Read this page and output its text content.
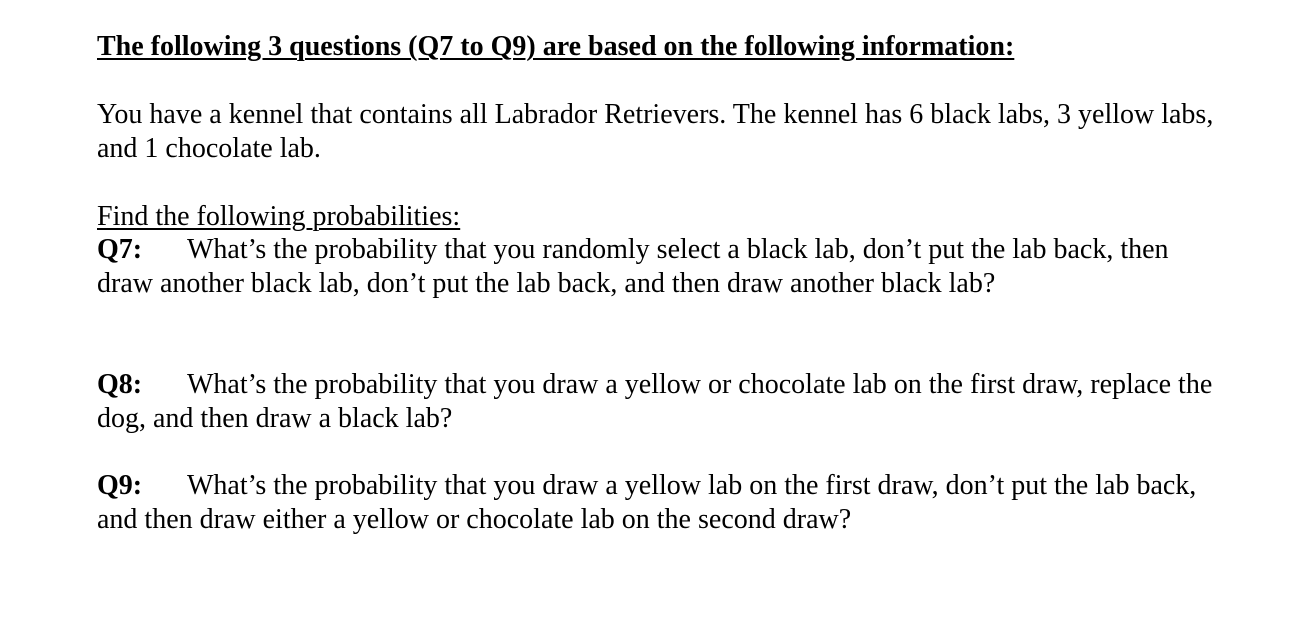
The following 3 questions (Q7 to Q9) are based on the following information:

You have a kennel that contains all Labrador Retrievers. The kennel has 6 black labs, 3 yellow labs, and 1 chocolate lab.

Find the following probabilities:

Q7: What’s the probability that you randomly select a black lab, don’t put the lab back, then draw another black lab, don’t put the lab back, and then draw another black lab?

Q8: What’s the probability that you draw a yellow or chocolate lab on the first draw, replace the dog, and then draw a black lab?

Q9: What’s the probability that you draw a yellow lab on the first draw, don’t put the lab back, and then draw either a yellow or chocolate lab on the second draw?
